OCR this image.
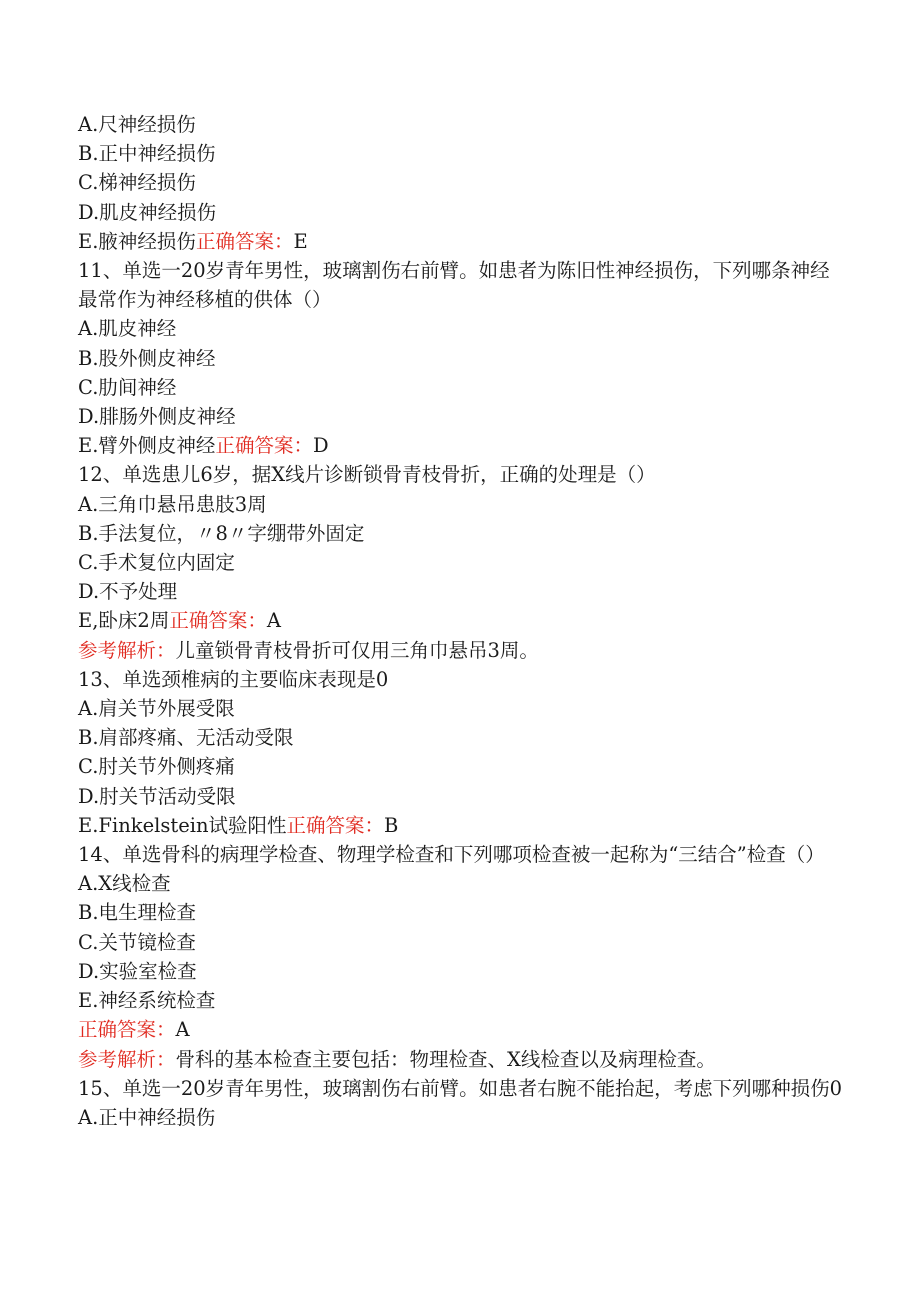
A.尺神经损伤

B.正中神经损伤

C.梯神经损伤

D.肌皮神经损伤

E.腋神经损伤正确答案：E

11、单选一20岁青年男性，玻璃割伤右前臂。如患者为陈旧性神经损伤，下列哪条神经最常作为神经移植的供体（）

A.肌皮神经

B.股外侧皮神经

C.肋间神经

D.腓肠外侧皮神经

E.臂外侧皮神经正确答案：D

12、单选患儿6岁，据X线片诊断锁骨青枝骨折，正确的处理是（）

A.三角巾悬吊患肢3周

B.手法复位，〃8〃字绷带外固定

C.手术复位内固定

D.不予处理

E,卧床2周正确答案：A

参考解析：儿童锁骨青枝骨折可仅用三角巾悬吊3周。

13、单选颈椎病的主要临床表现是0

A.肩关节外展受限

B.肩部疼痛、无活动受限

C.肘关节外侧疼痛

D.肘关节活动受限

E.Finkelstein试验阳性正确答案：B

14、单选骨科的病理学检查、物理学检查和下列哪项检查被一起称为“三结合”检查（）

A.X线检查

B.电生理检查

C.关节镜检查

D.实验室检查

E.神经系统检查

正确答案：A

参考解析：骨科的基本检查主要包括：物理检查、X线检查以及病理检查。

15、单选一20岁青年男性，玻璃割伤右前臂。如患者右腕不能抬起，考虑下列哪种损伤0

A.正中神经损伤
